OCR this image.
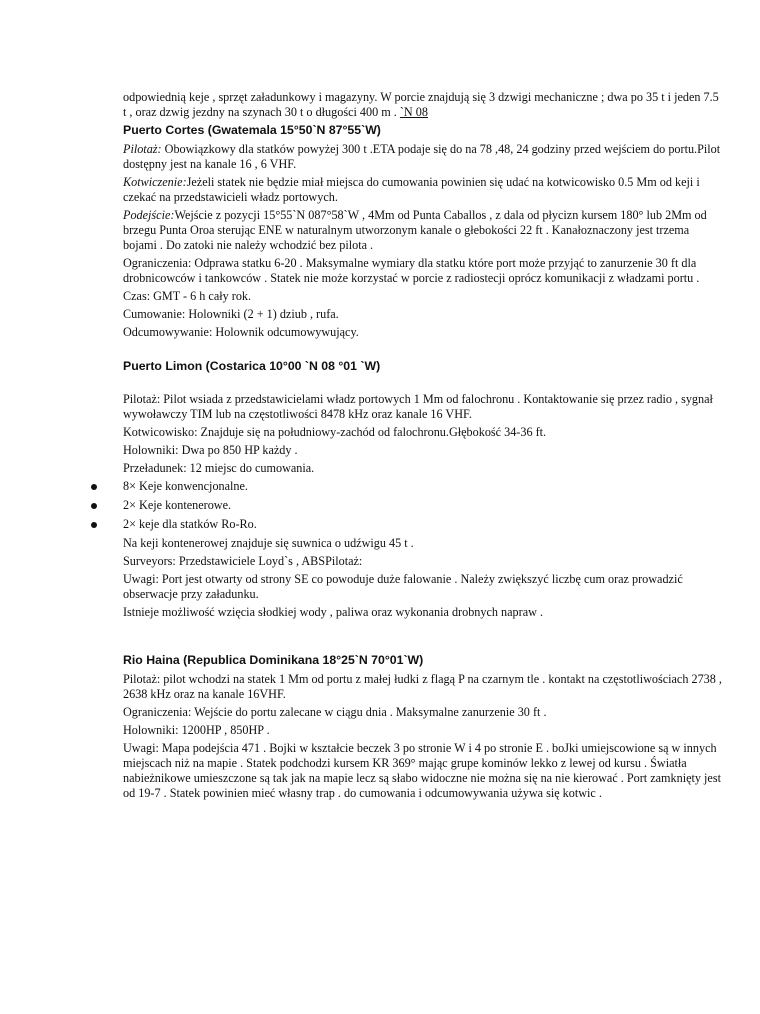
odpowiednią keje , sprzęt załadunkowy i magazyny. W porcie znajdują się 3 dzwigi mechaniczne ; dwa po 35 t i jeden 7.5 t , oraz dzwig jezdny na szynach 30 t o długości 400 m . `N 08

Puerto Cortes (Gwatemala 15°50`N 87°55`W)

Pilotaż: Obowiązkowy dla statków powyżej 300 t .ETA podaje się do na 78 ,48, 24 godziny przed wejściem do portu.Pilot dostępny jest na kanale 16 , 6 VHF.

Kotwiczenie:Jeżeli statek nie będzie miał miejsca do cumowania powinien się udać na kotwicowisko 0.5 Mm od keji i czekać na przedstawicieli władz portowych.

Podejście:Wejście z pozycji 15°55`N 087°58`W , 4Mm od Punta Caballos , z dala od płycizn kursem 180° lub 2Mm od brzegu Punta Oroa sterując ENE w naturalnym utworzonym kanale o głebokości 22 ft . Kanałoznaczony jest trzema bojami . Do zatoki nie należy wchodzić bez pilota .

Ograniczenia: Odprawa statku 6-20 . Maksymalne wymiary dla statku które port może przyjąć to zanurzenie 30 ft dla drobnicowców i tankowców . Statek nie może korzystać w porcie z radiostecji oprócz komunikacji z władzami portu .

Czas: GMT - 6 h cały rok.

Cumowanie: Holowniki (2 + 1) dziub , rufa.

Odcumowywanie: Holownik odcumowywujący.

Puerto Limon (Costarica 10°00 `N 08 °01 `W)

Pilotaż: Pilot wsiada z przedstawicielami władz portowych 1 Mm od falochronu . Kontaktowanie się przez radio , sygnał wywoławczy TIM lub na częstotliwości 8478 kHz oraz kanale 16 VHF.

Kotwicowisko: Znajduje się na południowy-zachód od falochronu.Głębokość 34-36 ft.

Holowniki: Dwa po 850 HP każdy .

Przeładunek: 12 miejsc do cumowania.

8× Keje konwencjonalne.
2× Keje kontenerowe.
2× keje dla statków Ro-Ro.

Na keji kontenerowej znajduje się suwnica o udźwigu 45 t .

Surveyors: Przedstawiciele Loyd`s , ABSPilotaż:

Uwagi: Port jest otwarty od strony SE co powoduje duże falowanie . Należy zwiększyć liczbę cum oraz prowadzić obserwacje przy załadunku.

Istnieje możliwość wzięcia słodkiej wody , paliwa oraz wykonania drobnych napraw .

Rio Haina (Republica Dominikana 18°25`N 70°01`W)

Pilotaż: pilot wchodzi na statek 1 Mm od portu z małej łudki z flagą P na czarnym tle . kontakt na częstotliwościach 2738 , 2638 kHz oraz na kanale 16VHF.

Ograniczenia: Wejście do portu zalecane w ciągu dnia . Maksymalne zanurzenie 30 ft .

Holowniki: 1200HP , 850HP .

Uwagi: Mapa podejścia 471 . Bojki w kształcie beczek 3 po stronie W i 4 po stronie E . boJki umiejscowione są w innych miejscach niż na mapie . Statek podchodzi kursem KR 369° mając grupe kominów lekko z lewej od kursu . Światła nabieżnikowe umieszczone są tak jak na mapie lecz są słabo widoczne nie można się na nie kierować . Port zamknięty jest od 19-7 . Statek powinien mieć własny trap . do cumowania i odcumowywania używa się kotwic .
